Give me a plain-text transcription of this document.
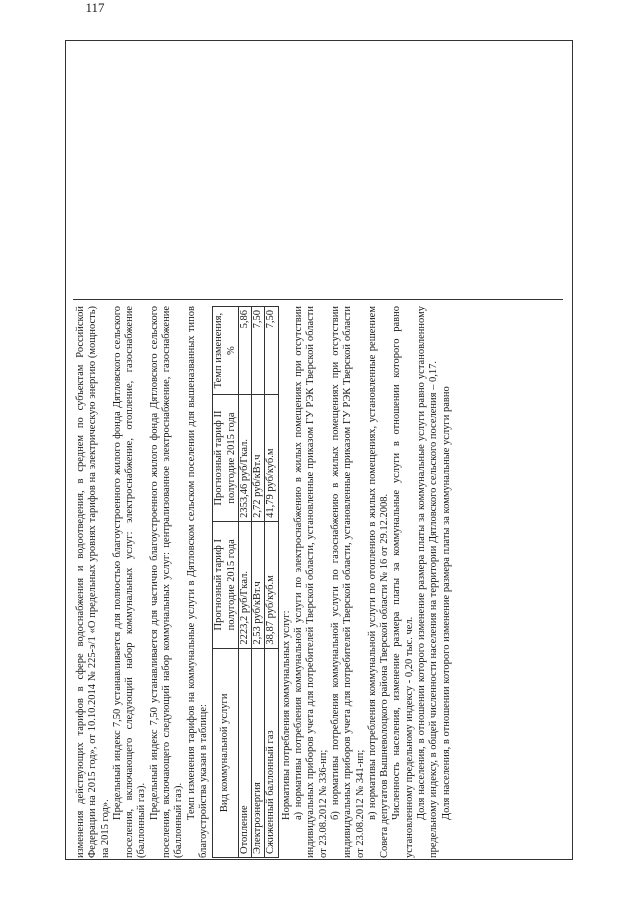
117

изменения действующих тарифов в сфере водоснабжения и водоотведения, в среднем по субъектам Российской Федерации на 2015 год», от 10.10.2014 № 225-э/1 «О предельных уровнях тарифов на электрическую энергию (мощность) на 2015 год».

Предельный индекс 7,50 устанавливается для полностью благоустроенного жилого фонда Дятловского сельского поселения, включающего следующий набор коммунальных услуг: электроснабжение, отопление, газоснабжение (баллонный газ).

Предельный индекс 7,50 устанавливается для частично благоустроенного жилого фонда Дятловского сельского поселения, включающего следующий набор коммунальных услуг: централизованное электроснабжение, газоснабжение (баллонный газ).

Темп изменения тарифов на коммунальные услуги в Дятловском сельском поселении для вышеназванных типов благоустройства указан в таблице: Вид коммунальной услуги	Прогнозный тариф I полугодие 2015 года	Прогнозный тариф II полугодие 2015 года	Темп изменения, %
Отопление	2223,2 руб/Гкал.	2353,46 руб/Гкал.	5,86
Электроэнергия	2,53 руб/кВт.ч	2,72 руб/кВт.ч	7,50
Сжиженный баллонный газ	38,87 руб/куб.м	41,79 руб/куб.м	7,50

Нормативы потребления коммунальных услуг: а) нормативы потребления коммунальной услуги по электроснабжению в жилых помещениях при отсутствии индивидуальных приборов учета для потребителей Тверской области, установленные приказом ГУ РЭК Тверской области от 23.08.2012 № 336-нп; б) нормативы потребления коммунальной услуги по газоснабжению в жилых помещениях при отсутствии индивидуальных приборов учета для потребителей Тверской области, установленные приказом ГУ РЭК Тверской области от 23.08.2012 № 341-нп; в) нормативы потребления коммунальной услуги по отоплению в жилых помещениях, установленные решением Совета депутатов Вышневолоцкого района Тверской области № 16 от 29.12.2008. Численность населения, изменение размера платы за коммунальные услуги в отношении которого равно установленному предельному индексу - 0,20 тыс. чел. Доля населения, в отношении которого изменение размера платы за коммунальные услуги равно установленному предельному индексу, в общей численности населения на территории Дятловского сельского поселения – 0,17. Доля населения, в отношении которого изменение размера платы за коммунальные услуги равно
